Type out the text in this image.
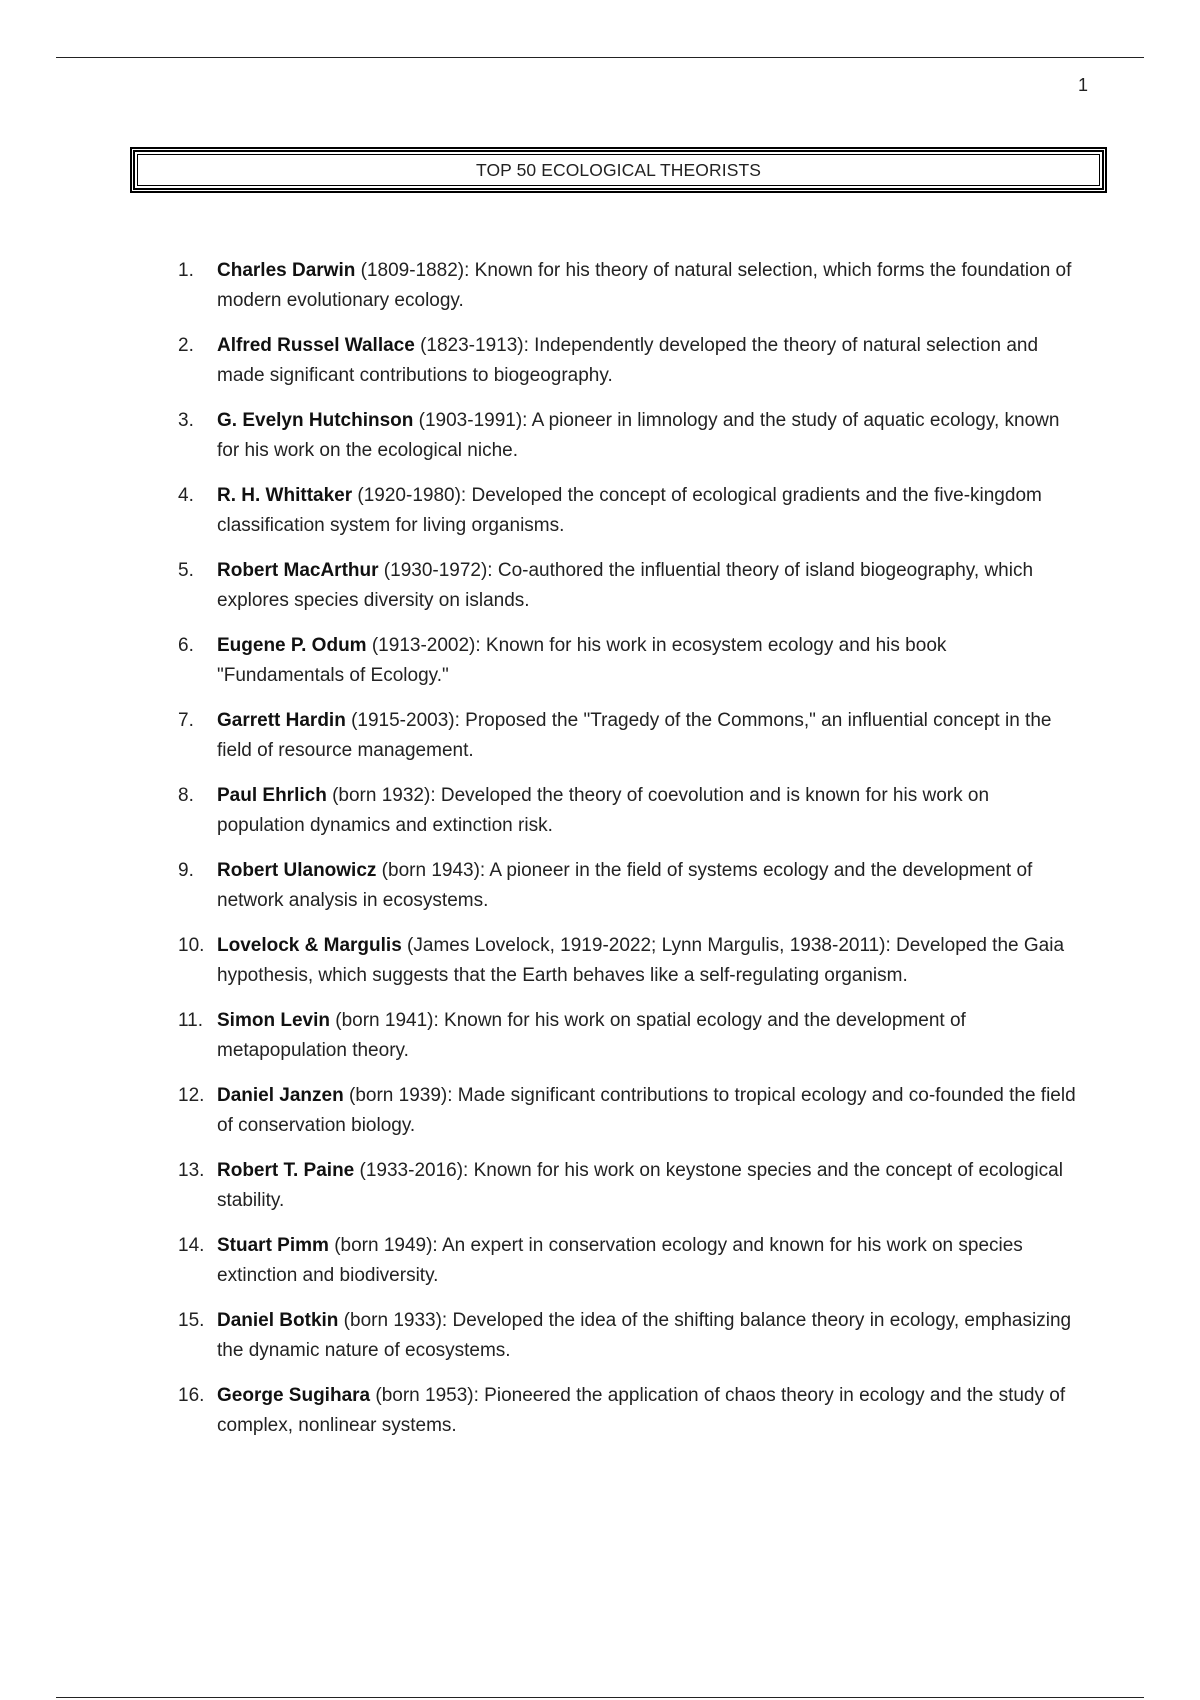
1
TOP 50 ECOLOGICAL THEORISTS
1.	Charles Darwin (1809-1882): Known for his theory of natural selection, which forms the foundation of modern evolutionary ecology.
2.	Alfred Russel Wallace (1823-1913): Independently developed the theory of natural selection and made significant contributions to biogeography.
3.	G. Evelyn Hutchinson (1903-1991): A pioneer in limnology and the study of aquatic ecology, known for his work on the ecological niche.
4.	R. H. Whittaker (1920-1980): Developed the concept of ecological gradients and the five-kingdom classification system for living organisms.
5.	Robert MacArthur (1930-1972): Co-authored the influential theory of island biogeography, which explores species diversity on islands.
6.	Eugene P. Odum (1913-2002): Known for his work in ecosystem ecology and his book "Fundamentals of Ecology."
7.	Garrett Hardin (1915-2003): Proposed the "Tragedy of the Commons," an influential concept in the field of resource management.
8.	Paul Ehrlich (born 1932): Developed the theory of coevolution and is known for his work on population dynamics and extinction risk.
9.	Robert Ulanowicz (born 1943): A pioneer in the field of systems ecology and the development of network analysis in ecosystems.
10. Lovelock & Margulis (James Lovelock, 1919-2022; Lynn Margulis, 1938-2011): Developed the Gaia hypothesis, which suggests that the Earth behaves like a self-regulating organism.
11. Simon Levin (born 1941): Known for his work on spatial ecology and the development of metapopulation theory.
12. Daniel Janzen (born 1939): Made significant contributions to tropical ecology and co-founded the field of conservation biology.
13. Robert T. Paine (1933-2016): Known for his work on keystone species and the concept of ecological stability.
14. Stuart Pimm (born 1949): An expert in conservation ecology and known for his work on species extinction and biodiversity.
15. Daniel Botkin (born 1933): Developed the idea of the shifting balance theory in ecology, emphasizing the dynamic nature of ecosystems.
16. George Sugihara (born 1953): Pioneered the application of chaos theory in ecology and the study of complex, nonlinear systems.
